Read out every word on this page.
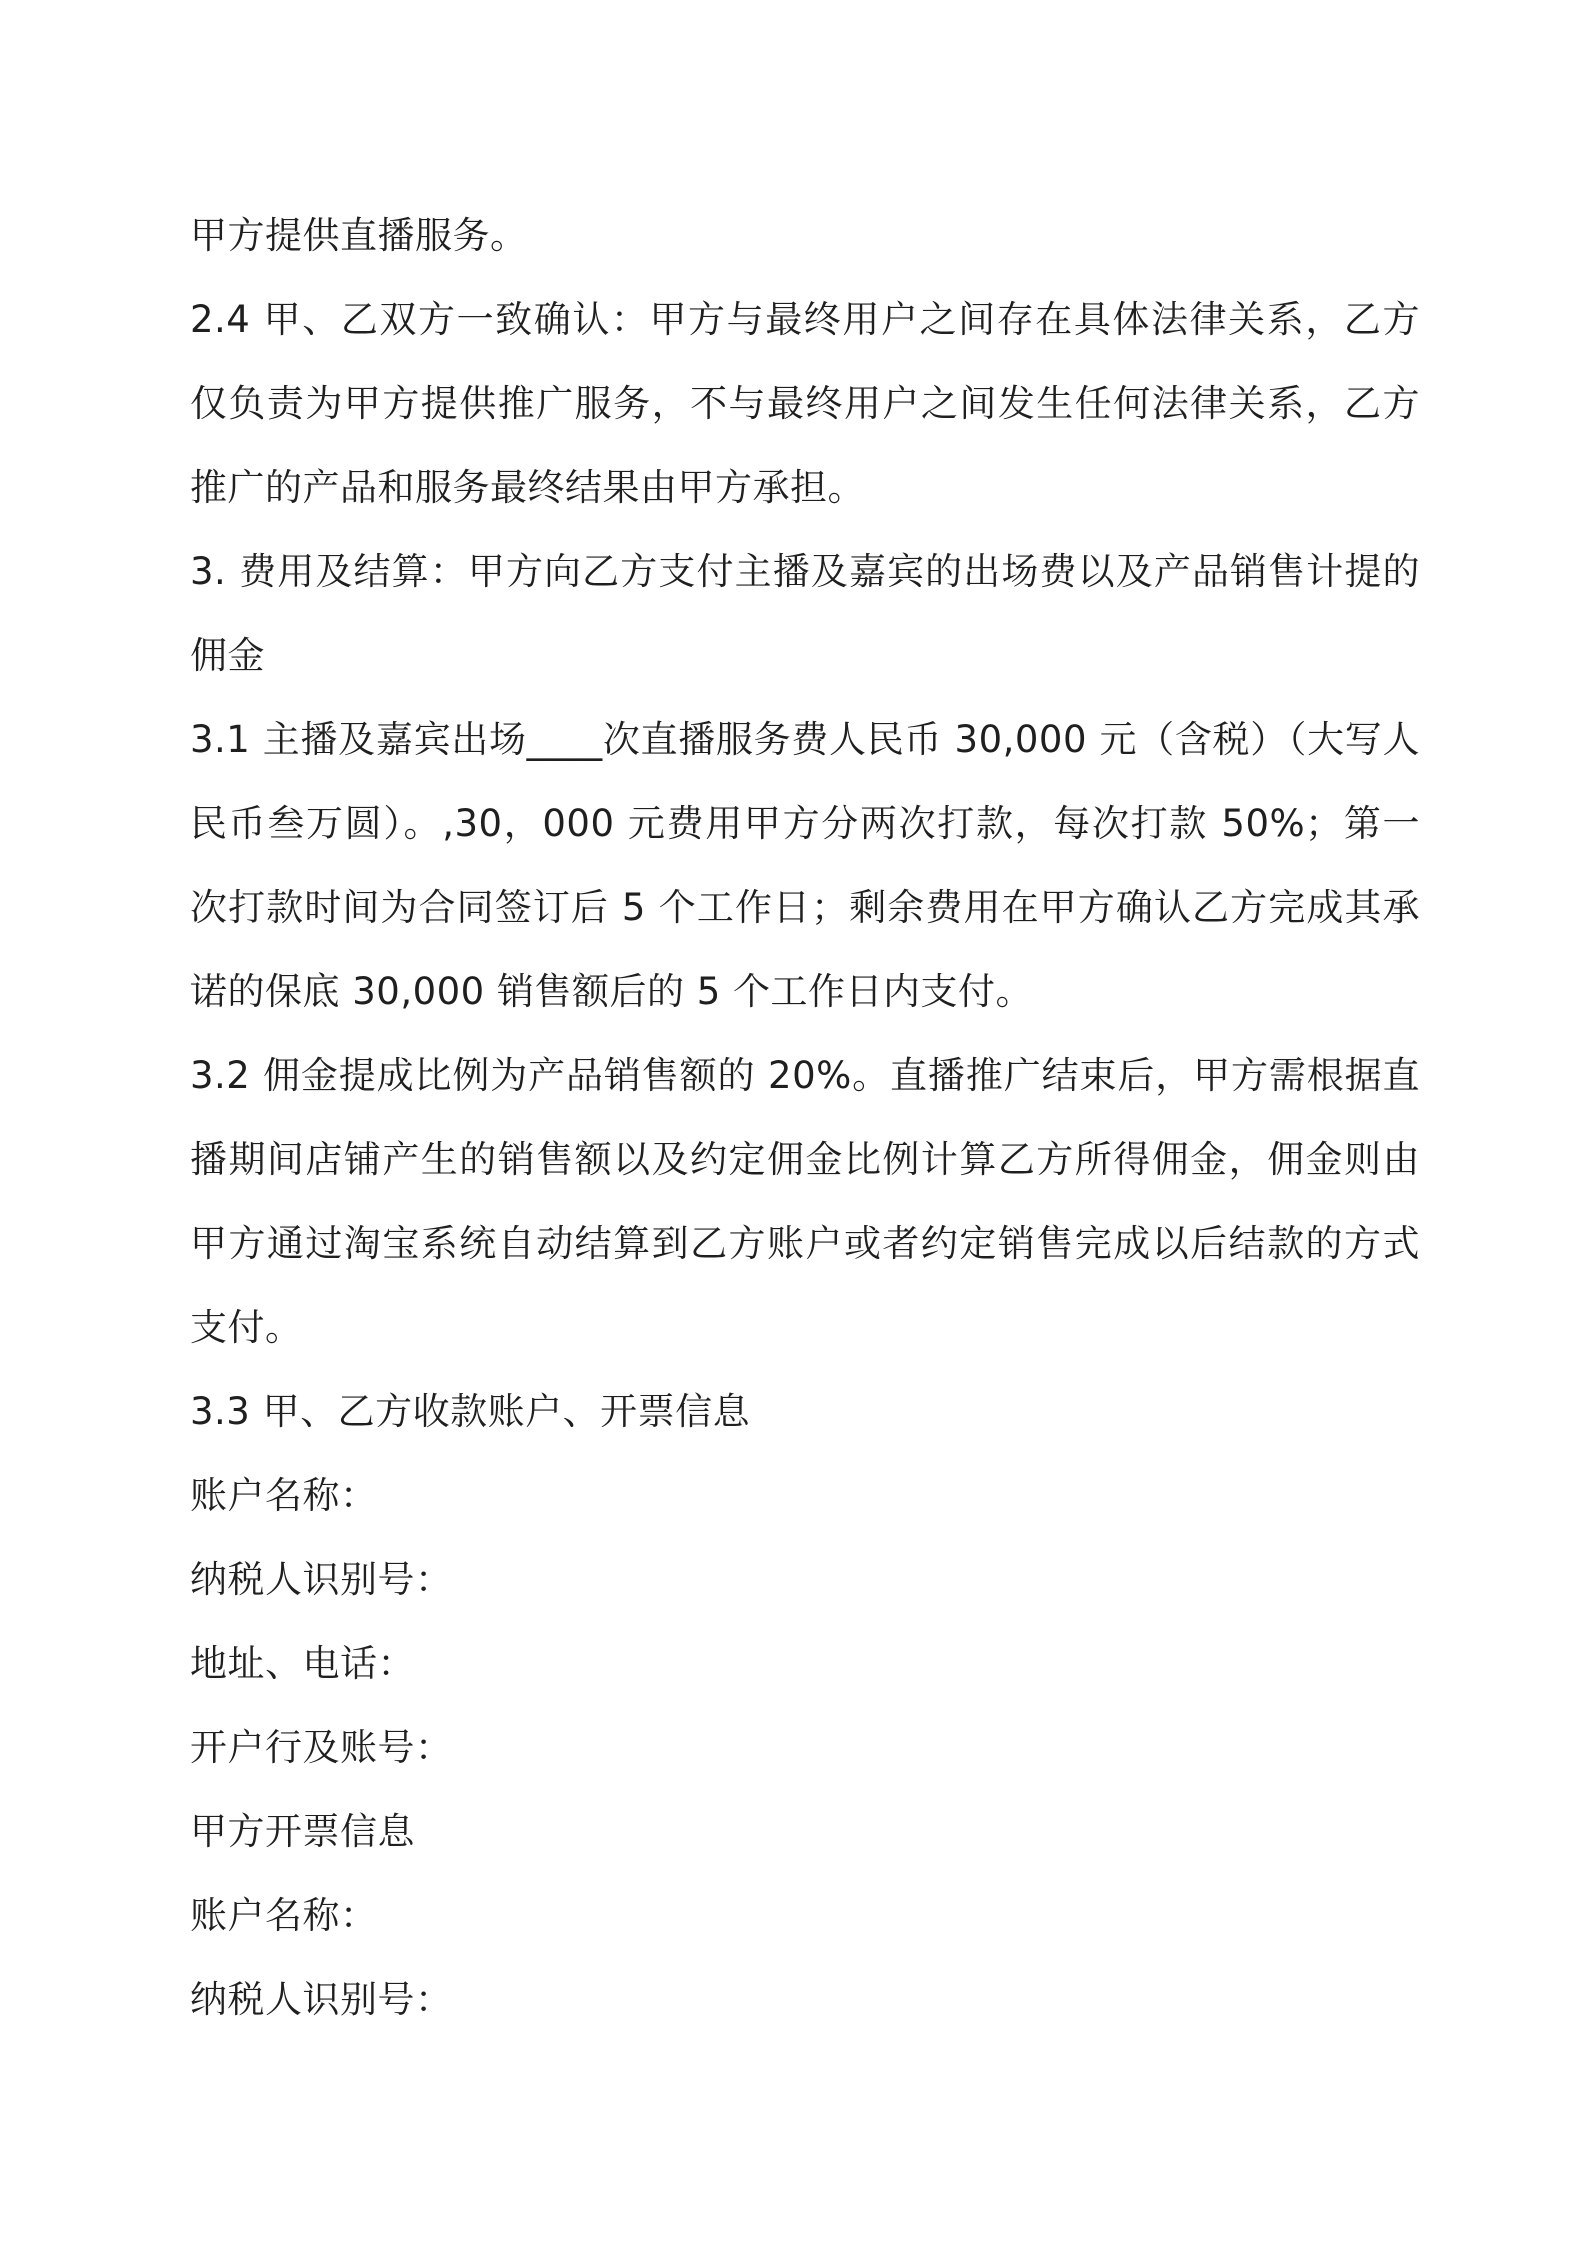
甲方提供直播服务。

2.4 甲、乙双方一致确认：甲方与最终用户之间存在具体法律关系，乙方仅负责为甲方提供推广服务，不与最终用户之间发生任何法律关系，乙方推广的产品和服务最终结果由甲方承担。

3. 费用及结算：甲方向乙方支付主播及嘉宾的出场费以及产品销售计提的佣金

3.1 主播及嘉宾出场____次直播服务费人民币 30,000 元（含税）（大写人民币叁万圆）。,30，000 元费用甲方分两次打款，每次打款 50%；第一次打款时间为合同签订后 5 个工作日；剩余费用在甲方确认乙方完成其承诺的保底 30,000 销售额后的 5 个工作日内支付。

3.2 佣金提成比例为产品销售额的 20%。直播推广结束后，甲方需根据直播期间店铺产生的销售额以及约定佣金比例计算乙方所得佣金，佣金则由甲方通过淘宝系统自动结算到乙方账户或者约定销售完成以后结款的方式支付。

3.3 甲、乙方收款账户、开票信息

账户名称：

纳税人识别号：

地址、电话：

开户行及账号：

甲方开票信息

账户名称：

纳税人识别号：
